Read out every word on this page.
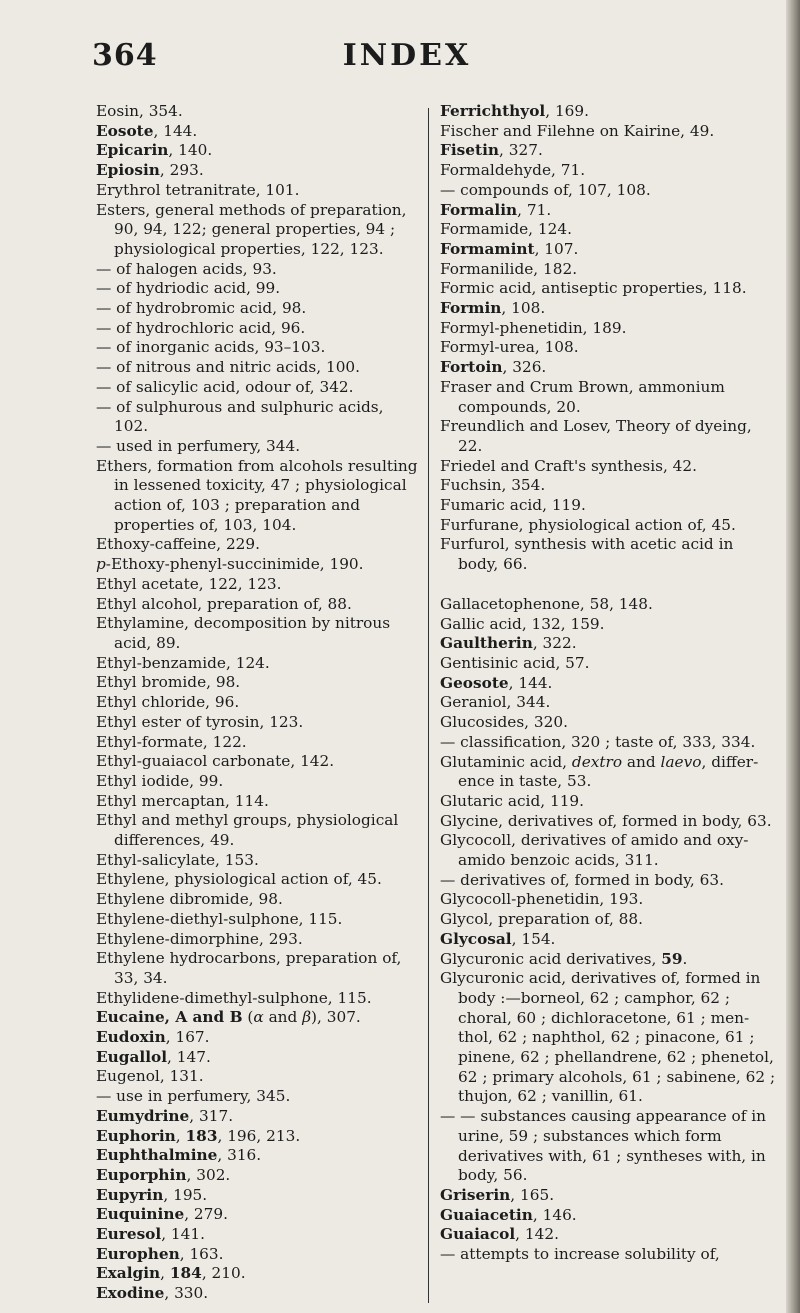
364	INDEX
Eosin, 354.
Eosote, 144.
Epicarin, 140.
Epiosin, 293.
Erythrol tetranitrate, 101.
Esters, general methods of preparation, 90, 94, 122; general properties, 94 ; physiological properties, 122, 123.
— of halogen acids, 93.
— of hydriodic acid, 99.
— of hydrobromic acid, 98.
— of hydrochloric acid, 96.
— of inorganic acids, 93–103.
— of nitrous and nitric acids, 100.
— of salicylic acid, odour of, 342.
— of sulphurous and sulphuric acids, 102.
— used in perfumery, 344.
Ethers, formation from alcohols resulting in lessened toxicity, 47 ; physiological action of, 103 ; preparation and properties of, 103, 104.
Ethoxy-caffeine, 229.
p-Ethoxy-phenyl-succinimide, 190.
Ethyl acetate, 122, 123.
Ethyl alcohol, preparation of, 88.
Ethylamine, decomposition by nitrous acid, 89.
Ethyl-benzamide, 124.
Ethyl bromide, 98.
Ethyl chloride, 96.
Ethyl ester of tyrosin, 123.
Ethyl-formate, 122.
Ethyl-guaiacol carbonate, 142.
Ethyl iodide, 99.
Ethyl mercaptan, 114.
Ethyl and methyl groups, physiological differences, 49.
Ethyl-salicylate, 153.
Ethylene, physiological action of, 45.
Ethylene dibromide, 98.
Ethylene-diethyl-sulphone, 115.
Ethylene-dimorphine, 293.
Ethylene hydrocarbons, preparation of, 33, 34.
Ethylidene-dimethyl-sulphone, 115.
Eucaine, A and B (α and β), 307.
Eudoxin, 167.
Eugallol, 147.
Eugenol, 131.
— use in perfumery, 345.
Eumydrine, 317.
Euphorin, 183, 196, 213.
Euphthalmine, 316.
Euporphin, 302.
Eupyrin, 195.
Euquinine, 279.
Euresol, 141.
Europhen, 163.
Exalgin, 184, 210.
Exodine, 330.
Ferrichthyol, 169.
Fischer and Filehne on Kairine, 49.
Fisetin, 327.
Formaldehyde, 71.
— compounds of, 107, 108.
Formalin, 71.
Formamide, 124.
Formamint, 107.
Formanilide, 182.
Formic acid, antiseptic properties, 118.
Formin, 108.
Formyl-phenetidin, 189.
Formyl-urea, 108.
Fortoin, 326.
Fraser and Crum Brown, ammonium compounds, 20.
Freundlich and Losev, Theory of dyeing, 22.
Friedel and Craft's synthesis, 42.
Fuchsin, 354.
Fumaric acid, 119.
Furfurane, physiological action of, 45.
Furfurol, synthesis with acetic acid in body, 66.
Gallacetophenone, 58, 148.
Gallic acid, 132, 159.
Gaultherin, 322.
Gentisinic acid, 57.
Geosote, 144.
Geraniol, 344.
Glucosides, 320.
— classification, 320 ; taste of, 333, 334.
Glutaminic acid, dextro and laevo, difference in taste, 53.
Glutaric acid, 119.
Glycine, derivatives of, formed in body, 63.
Glycocoll, derivatives of amido and oxy-amido benzoic acids, 311.
— derivatives of, formed in body, 63.
Glycocoll-phenetidin, 193.
Glycol, preparation of, 88.
Glycosal, 154.
Glycuronic acid derivatives, 59.
Glycuronic acid, derivatives of, formed in body :—borneol, 62 ; camphor, 62 ; choral, 60 ; dichloracetone, 61 ; menthol, 62 ; naphthol, 62 ; pinacone, 61 ; pinene, 62 ; phellandrene, 62 ; phenetol, 62 ; primary alcohols, 61 ; sabinene, 62 ; thujon, 62 ; vanillin, 61.
— — substances causing appearance of in urine, 59 ; substances which form derivatives with, 61 ; syntheses with, in body, 56.
Griserin, 165.
Guaiacetin, 146.
Guaiacol, 142.
— attempts to increase solubility of,
